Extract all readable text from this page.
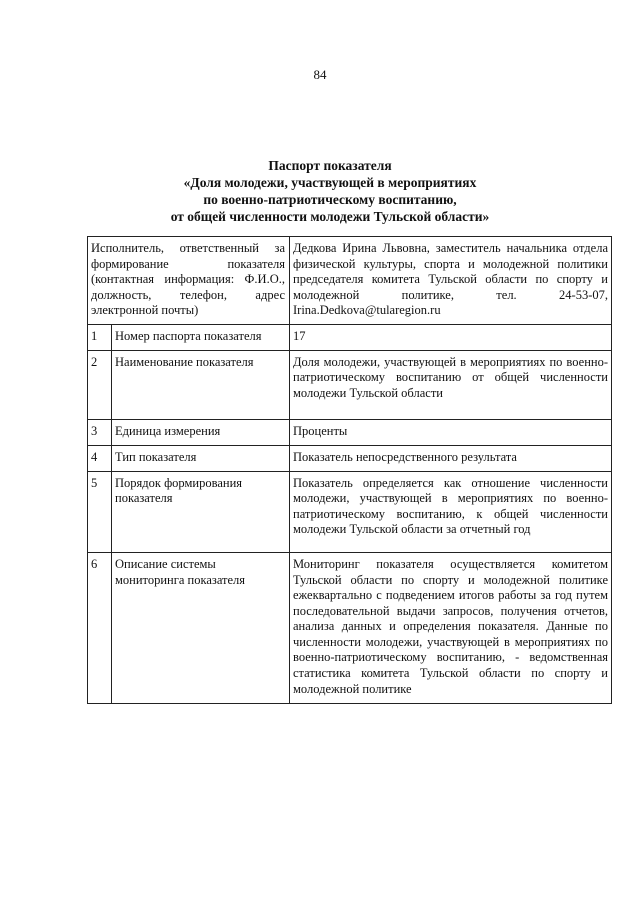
84
Паспорт показателя
«Доля молодежи, участвующей в мероприятиях
по военно-патриотическому воспитанию,
от общей численности молодежи Тульской области»
Исполнитель, ответственный за формирование показателя (контактная информация: Ф.И.О., должность, телефон, адрес электронной почты)		Дедкова Ирина Львовна, заместитель начальника отдела физической культуры, спорта и молодежной политики председателя комитета Тульской области по спорту и молодежной политике, тел. 24-53-07, Irina.Dedkova@tularegion.ru
1	Номер паспорта показателя	17
2	Наименование показателя	Доля молодежи, участвующей в мероприятиях по военно-патриотическому воспитанию от общей численности молодежи Тульской области
3	Единица измерения	Проценты
4	Тип показателя	Показатель непосредственного результата
5	Порядок формирования показателя	Показатель определяется как отношение численности молодежи, участвующей в мероприятиях по военно-патриотическому воспитанию, к общей численности молодежи Тульской области за отчетный год
6	Описание системы мониторинга показателя	Мониторинг показателя осуществляется комитетом Тульской области по спорту и молодежной политике ежеквартально с подведением итогов работы за год путем последовательной выдачи запросов, получения отчетов, анализа данных и определения показателя. Данные по численности молодежи, участвующей в мероприятиях по военно-патриотическому воспитанию, - ведомственная статистика комитета Тульской области по спорту и молодежной политике
